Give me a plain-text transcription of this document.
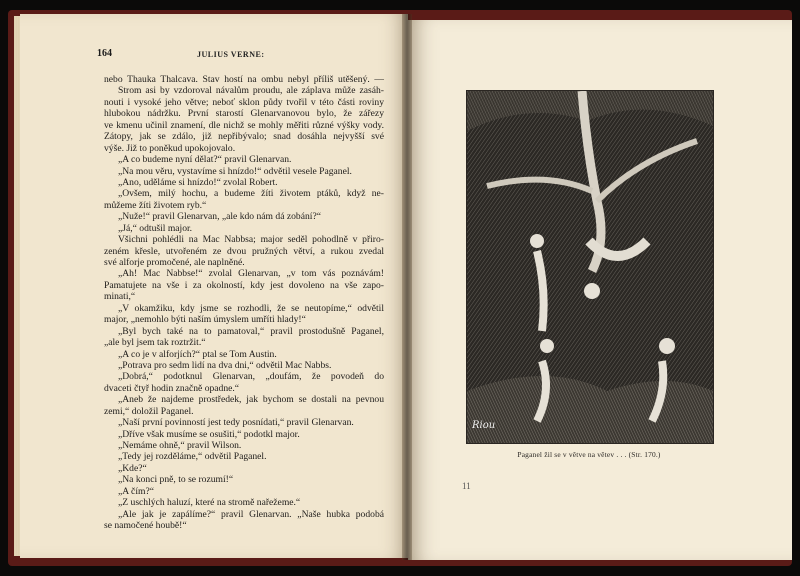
164	JULIUS VERNE:
nebo Thauka Thalcava. Stav hostí na ombu nebyl příliš utěšený. —
Strom asi by vzdoroval návalům proudu, ale záplava může zasáh-
nouti i vysoké jeho větve; neboť sklon půdy tvořil v této části roviny
hlubokou nádržku. První starostí Glenarvanovou bylo, že zářezy
ve kmenu učinil znamení, dle nichž se mohly měřiti různé výšky vody.
Zátopy, jak se zdálo, již nepřibývalo; snad dosáhla nejvyšší své
výše. Již to poněkud upokojovalo.
„A co budeme nyní dělat?“ pravil Glenarvan.
„Na mou věru, vystavíme si hnízdo!“ odvětil vesele Paganel.
„Ano, uděláme si hnízdo!“ zvolal Robert.
„Ovšem, milý hochu, a budeme žíti životem ptáků, když ne-
můžeme žíti životem ryb.“
„Nuže!“ pravil Glenarvan, „ale kdo nám dá zobání?“
„Já,“ odtušil major.
Všichni pohlédli na Mac Nabbsa; major seděl pohodlně v přiro-
zeném křesle, utvořeném ze dvou pružných větví, a rukou zvedal
své alforje promočené, ale naplněné.
„Ah! Mac Nabbse!“ zvolal Glenarvan, „v tom vás poznávám!
Pamatujete na vše i za okolností, kdy jest dovoleno na vše zapo-
minati,“
„V okamžiku, kdy jsme se rozhodli, že se neutopíme,“ odvětil
major, „nemohlo býti naším úmyslem umříti hlady!“
„Byl bych také na to pamatoval,“ pravil prostodušně Paganel,
„ale byl jsem tak roztržit.“
„A co je v alforjích?“ ptal se Tom Austin.
„Potrava pro sedm lidí na dva dni,“ odvětil Mac Nabbs.
„Dobrá,“ podotknul Glenarvan, „doufám, že povodeň do
dvaceti čtyř hodin značně opadne.“
„Aneb že najdeme prostředek, jak bychom se dostali na pevnou
zemi,“ doložil Paganel.
„Naší první povinností jest tedy posnídati,“ pravil Glenarvan.
„Dříve však musíme se osušiti,“ podotkl major.
„Nemáme ohně,“ pravil Wilson.
„Tedy jej rozděláme,“ odvětil Paganel.
„Kde?“
„Na konci pně, to se rozumí!“
„A čím?“
„Z uschlých haluzí, které na stromě nařežeme.“
„Ale jak je zapálíme?“ pravil Glenarvan. „Naše hubka podobá
se namočené houbě!“
Riou
Paganel žil se v větve na větev . . . (Str. 170.)
11
